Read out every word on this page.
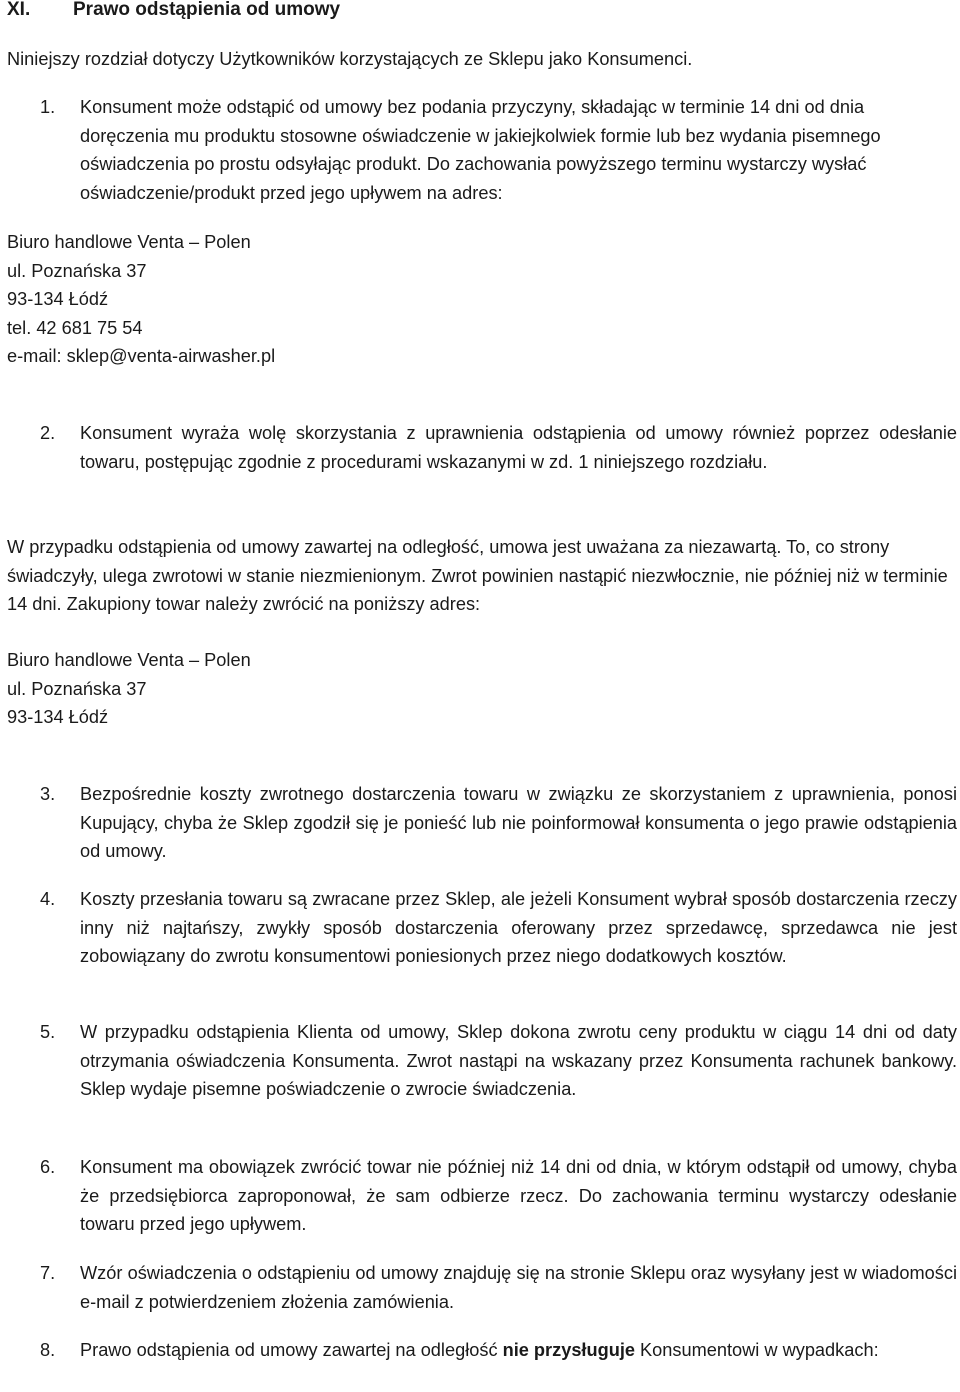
XI. Prawo odstąpienia od umowy
Niniejszy rozdział dotyczy Użytkowników korzystających ze Sklepu jako Konsumenci.
1. Konsument może odstąpić od umowy bez podania przyczyny, składając w terminie 14 dni od dnia doręczenia mu produktu stosowne oświadczenie w jakiejkolwiek formie lub bez wydania pisemnego oświadczenia po prostu odsyłając produkt. Do zachowania powyższego terminu wystarczy wysłać oświadczenie/produkt przed jego upływem na adres:
Biuro handlowe Venta – Polen
ul. Poznańska 37
93-134 Łódź
tel. 42 681 75 54
e-mail: sklep@venta-airwasher.pl
2. Konsument wyraża wolę skorzystania z uprawnienia odstąpienia od umowy również poprzez odesłanie towaru, postępując zgodnie z procedurami wskazanymi w zd. 1 niniejszego rozdziału.
W przypadku odstąpienia od umowy zawartej na odległość, umowa jest uważana za niezawartą. To, co strony świadczyły, ulega zwrotowi w stanie niezmienionym. Zwrot powinien nastąpić niezwłocznie, nie później niż w terminie 14 dni. Zakupiony towar należy zwrócić na poniższy adres:
Biuro handlowe Venta – Polen
ul. Poznańska 37
93-134 Łódź
3. Bezpośrednie koszty zwrotnego dostarczenia towaru w związku ze skorzystaniem z uprawnienia, ponosi Kupujący, chyba że Sklep zgodził się je ponieść lub nie poinformował konsumenta o jego prawie odstąpienia od umowy.
4. Koszty przesłania towaru są zwracane przez Sklep, ale jeżeli Konsument wybrał sposób dostarczenia rzeczy inny niż najtańszy, zwykły sposób dostarczenia oferowany przez sprzedawcę, sprzedawca nie jest zobowiązany do zwrotu konsumentowi poniesionych przez niego dodatkowych kosztów.
5. W przypadku odstąpienia Klienta od umowy, Sklep dokona zwrotu ceny produktu w ciągu 14 dni od daty otrzymania oświadczenia Konsumenta. Zwrot nastąpi na wskazany przez Konsumenta rachunek bankowy. Sklep wydaje pisemne poświadczenie o zwrocie świadczenia.
6. Konsument ma obowiązek zwrócić towar nie później niż 14 dni od dnia, w którym odstąpił od umowy, chyba że przedsiębiorca zaproponował, że sam odbierze rzecz. Do zachowania terminu wystarczy odesłanie towaru przed jego upływem.
7. Wzór oświadczenia o odstąpieniu od umowy znajduję się na stronie Sklepu oraz wysyłany jest w wiadomości e-mail z potwierdzeniem złożenia zamówienia.
8. Prawo odstąpienia od umowy zawartej na odległość nie przysługuje Konsumentowi w wypadkach:
